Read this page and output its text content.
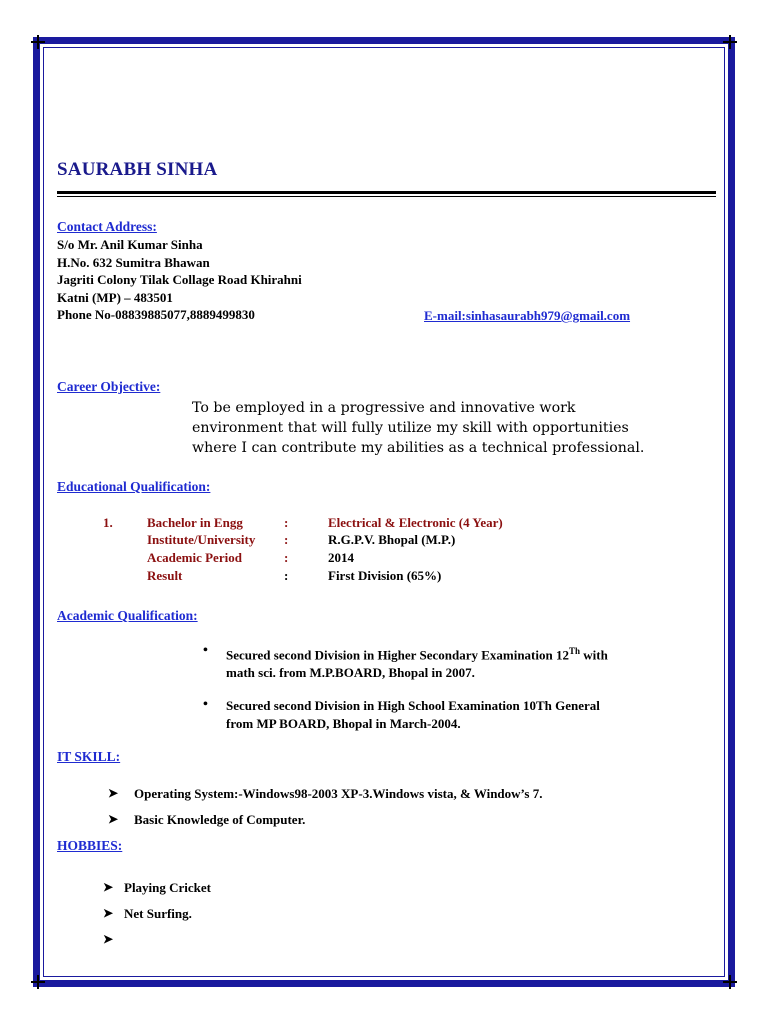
SAURABH SINHA
Contact Address:
S/o Mr. Anil Kumar Sinha
H.No. 632 Sumitra Bhawan
Jagriti Colony Tilak Collage Road Khirahni
Katni (MP) – 483501
Phone No-08839885077,8889499830	E-mail:sinhasaurabh979@gmail.com
Career Objective:
To be employed in a progressive and innovative work
environment that will fully utilize my skill with opportunities
where I can contribute my abilities as a technical professional.
Educational Qualification:
1.	Bachelor in Engg	:	Electrical & Electronic (4 Year)
Institute/University :	R.G.P.V. Bhopal (M.P.)
Academic Period	:	2014
Result	:	First Division (65%)
Academic Qualification:
• Secured second Division in Higher Secondary Examination 12Th with
math sci. from M.P.BOARD, Bhopal in 2007.
• Secured second Division in High School Examination 10Th General
from MP BOARD, Bhopal in March-2004.
IT SKILL:
➤ Operating System:-Windows98-2003 XP-3.Windows vista, & Window’s 7.
➤ Basic Knowledge of Computer.
HOBBIES:
➤ Playing Cricket
➤ Net Surfing.
➤
